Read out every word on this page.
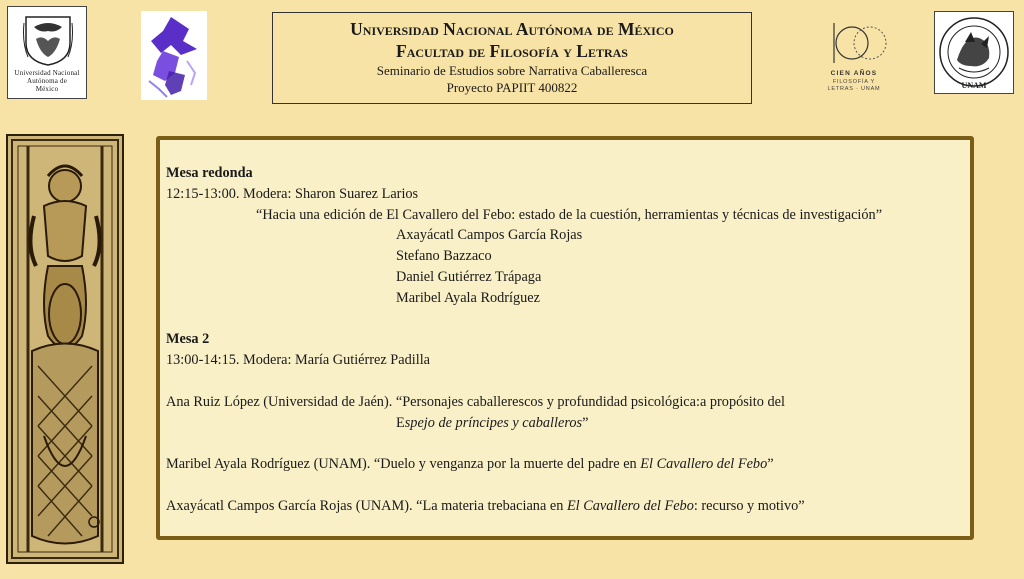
Universidad Nacional
Autónoma de
México
Universidad Nacional Autónoma de México
Facultad de Filosofía y Letras
Seminario de Estudios sobre Narrativa Caballeresca
Proyecto PAPIIT 400822
CIEN AÑOS
FILOSOFÍA Y
LETRAS · UNAM	UNAM

Mesa redonda

12:15-13:00. Modera: Sharon Suarez Larios

“Hacia una edición de El Cavallero del Febo: estado de la cuestión, herramientas y técnicas de investigación”

Axayácatl Campos García Rojas

Stefano Bazzaco

Daniel Gutiérrez Trápaga

Maribel Ayala Rodríguez

Mesa 2

13:00-14:15. Modera: María Gutiérrez Padilla

Ana Ruiz López (Universidad de Jaén). “Personajes caballerescos y profundidad psicológica:a propósito del

Espejo de príncipes y caballeros”

Maribel Ayala Rodríguez (UNAM). “Duelo y venganza por la muerte del padre en El Cavallero del Febo”

Axayácatl Campos García Rojas (UNAM). “La materia trebaciana en El Cavallero del Febo: recurso y motivo”
